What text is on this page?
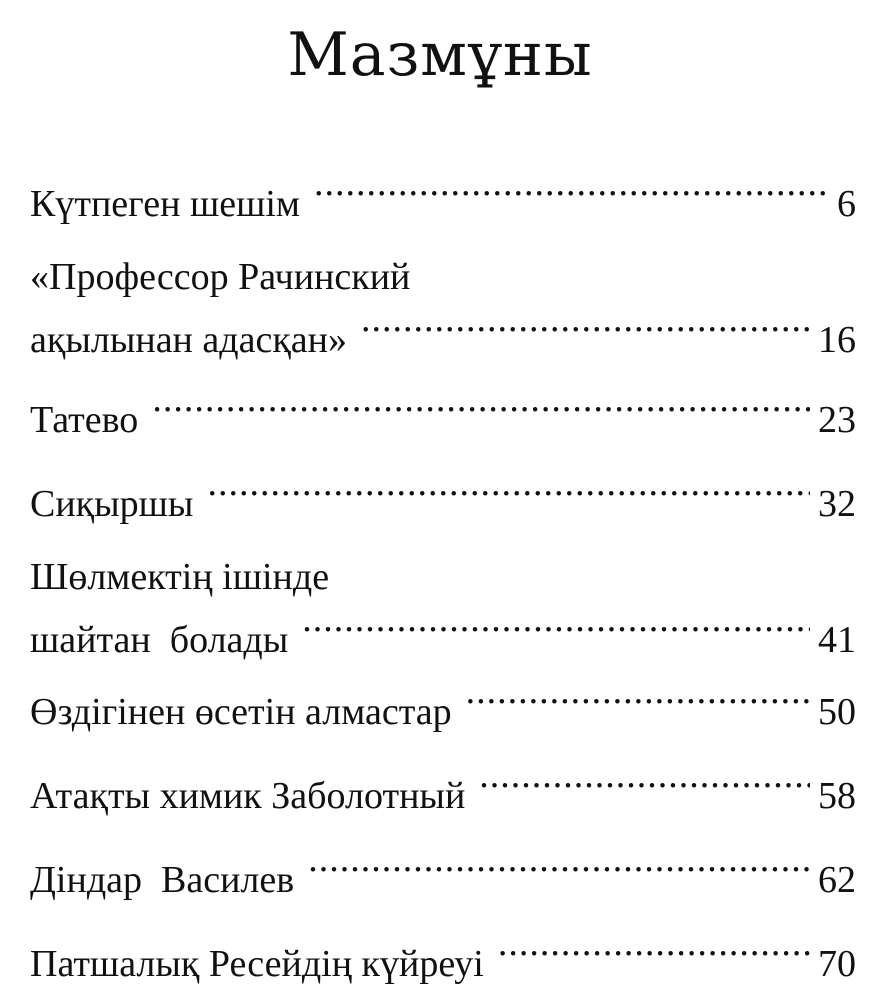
Мазмұны
Күтпеген шешім .....	6
«Профессор Рачинский
ақылынан адасқан» .....	16
Татево .....	23
Сиқыршы .....	32
Шөлмектің ішінде
шайтан  болады .....	41
Өздігінен өсетін алмастар .....	50
Атақты химик Заболотный .....	58
Діндар  Василев .....	62
Патшалық Ресейдің күйреуі .....	70
